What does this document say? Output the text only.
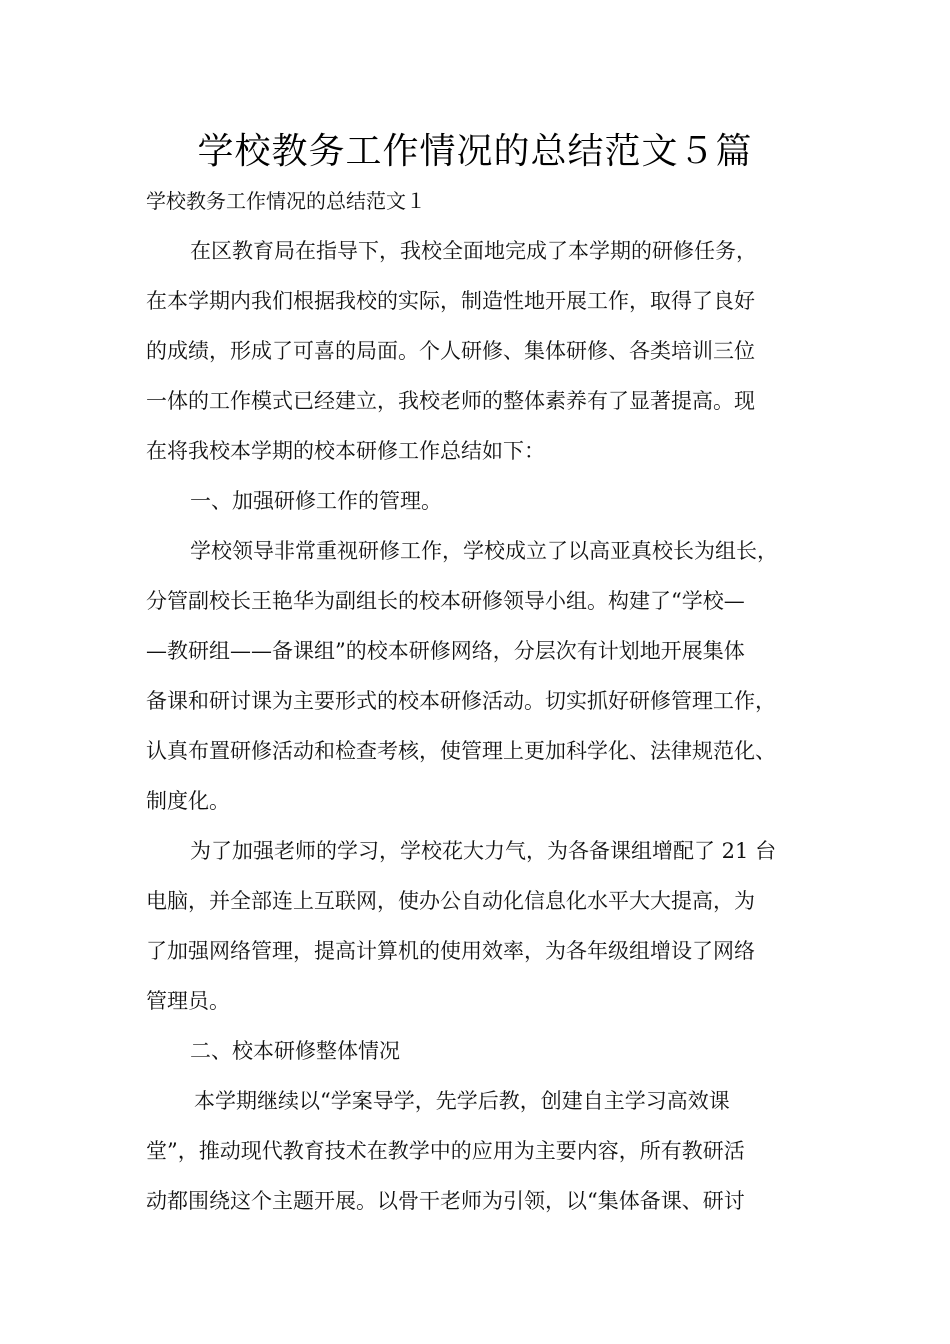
学校教务工作情况的总结范文５篇
学校教务工作情况的总结范文１
在区教育局在指导下，我校全面地完成了本学期的研修任务，
在本学期内我们根据我校的实际，制造性地开展工作，取得了良好
的成绩，形成了可喜的局面。个人研修、集体研修、各类培训三位
一体的工作模式已经建立，我校老师的整体素养有了显著提高。现
在将我校本学期的校本研修工作总结如下：
一、加强研修工作的管理。
学校领导非常重视研修工作，学校成立了以高亚真校长为组长，
分管副校长王艳华为副组长的校本研修领导小组。构建了“学校—
—教研组——备课组”的校本研修网络，分层次有计划地开展集体
备课和研讨课为主要形式的校本研修活动。切实抓好研修管理工作，
认真布置研修活动和检查考核，使管理上更加科学化、法律规范化、
制度化。
为了加强老师的学习，学校花大力气，为各备课组增配了 21 台
电脑，并全部连上互联网，使办公自动化信息化水平大大提高，为
了加强网络管理，提高计算机的使用效率，为各年级组增设了网络
管理员。
二、校本研修整体情况
本学期继续以“学案导学，先学后教，创建自主学习高效课
堂”，推动现代教育技术在教学中的应用为主要内容，所有教研活
动都围绕这个主题开展。以骨干老师为引领，以“集体备课、研讨
